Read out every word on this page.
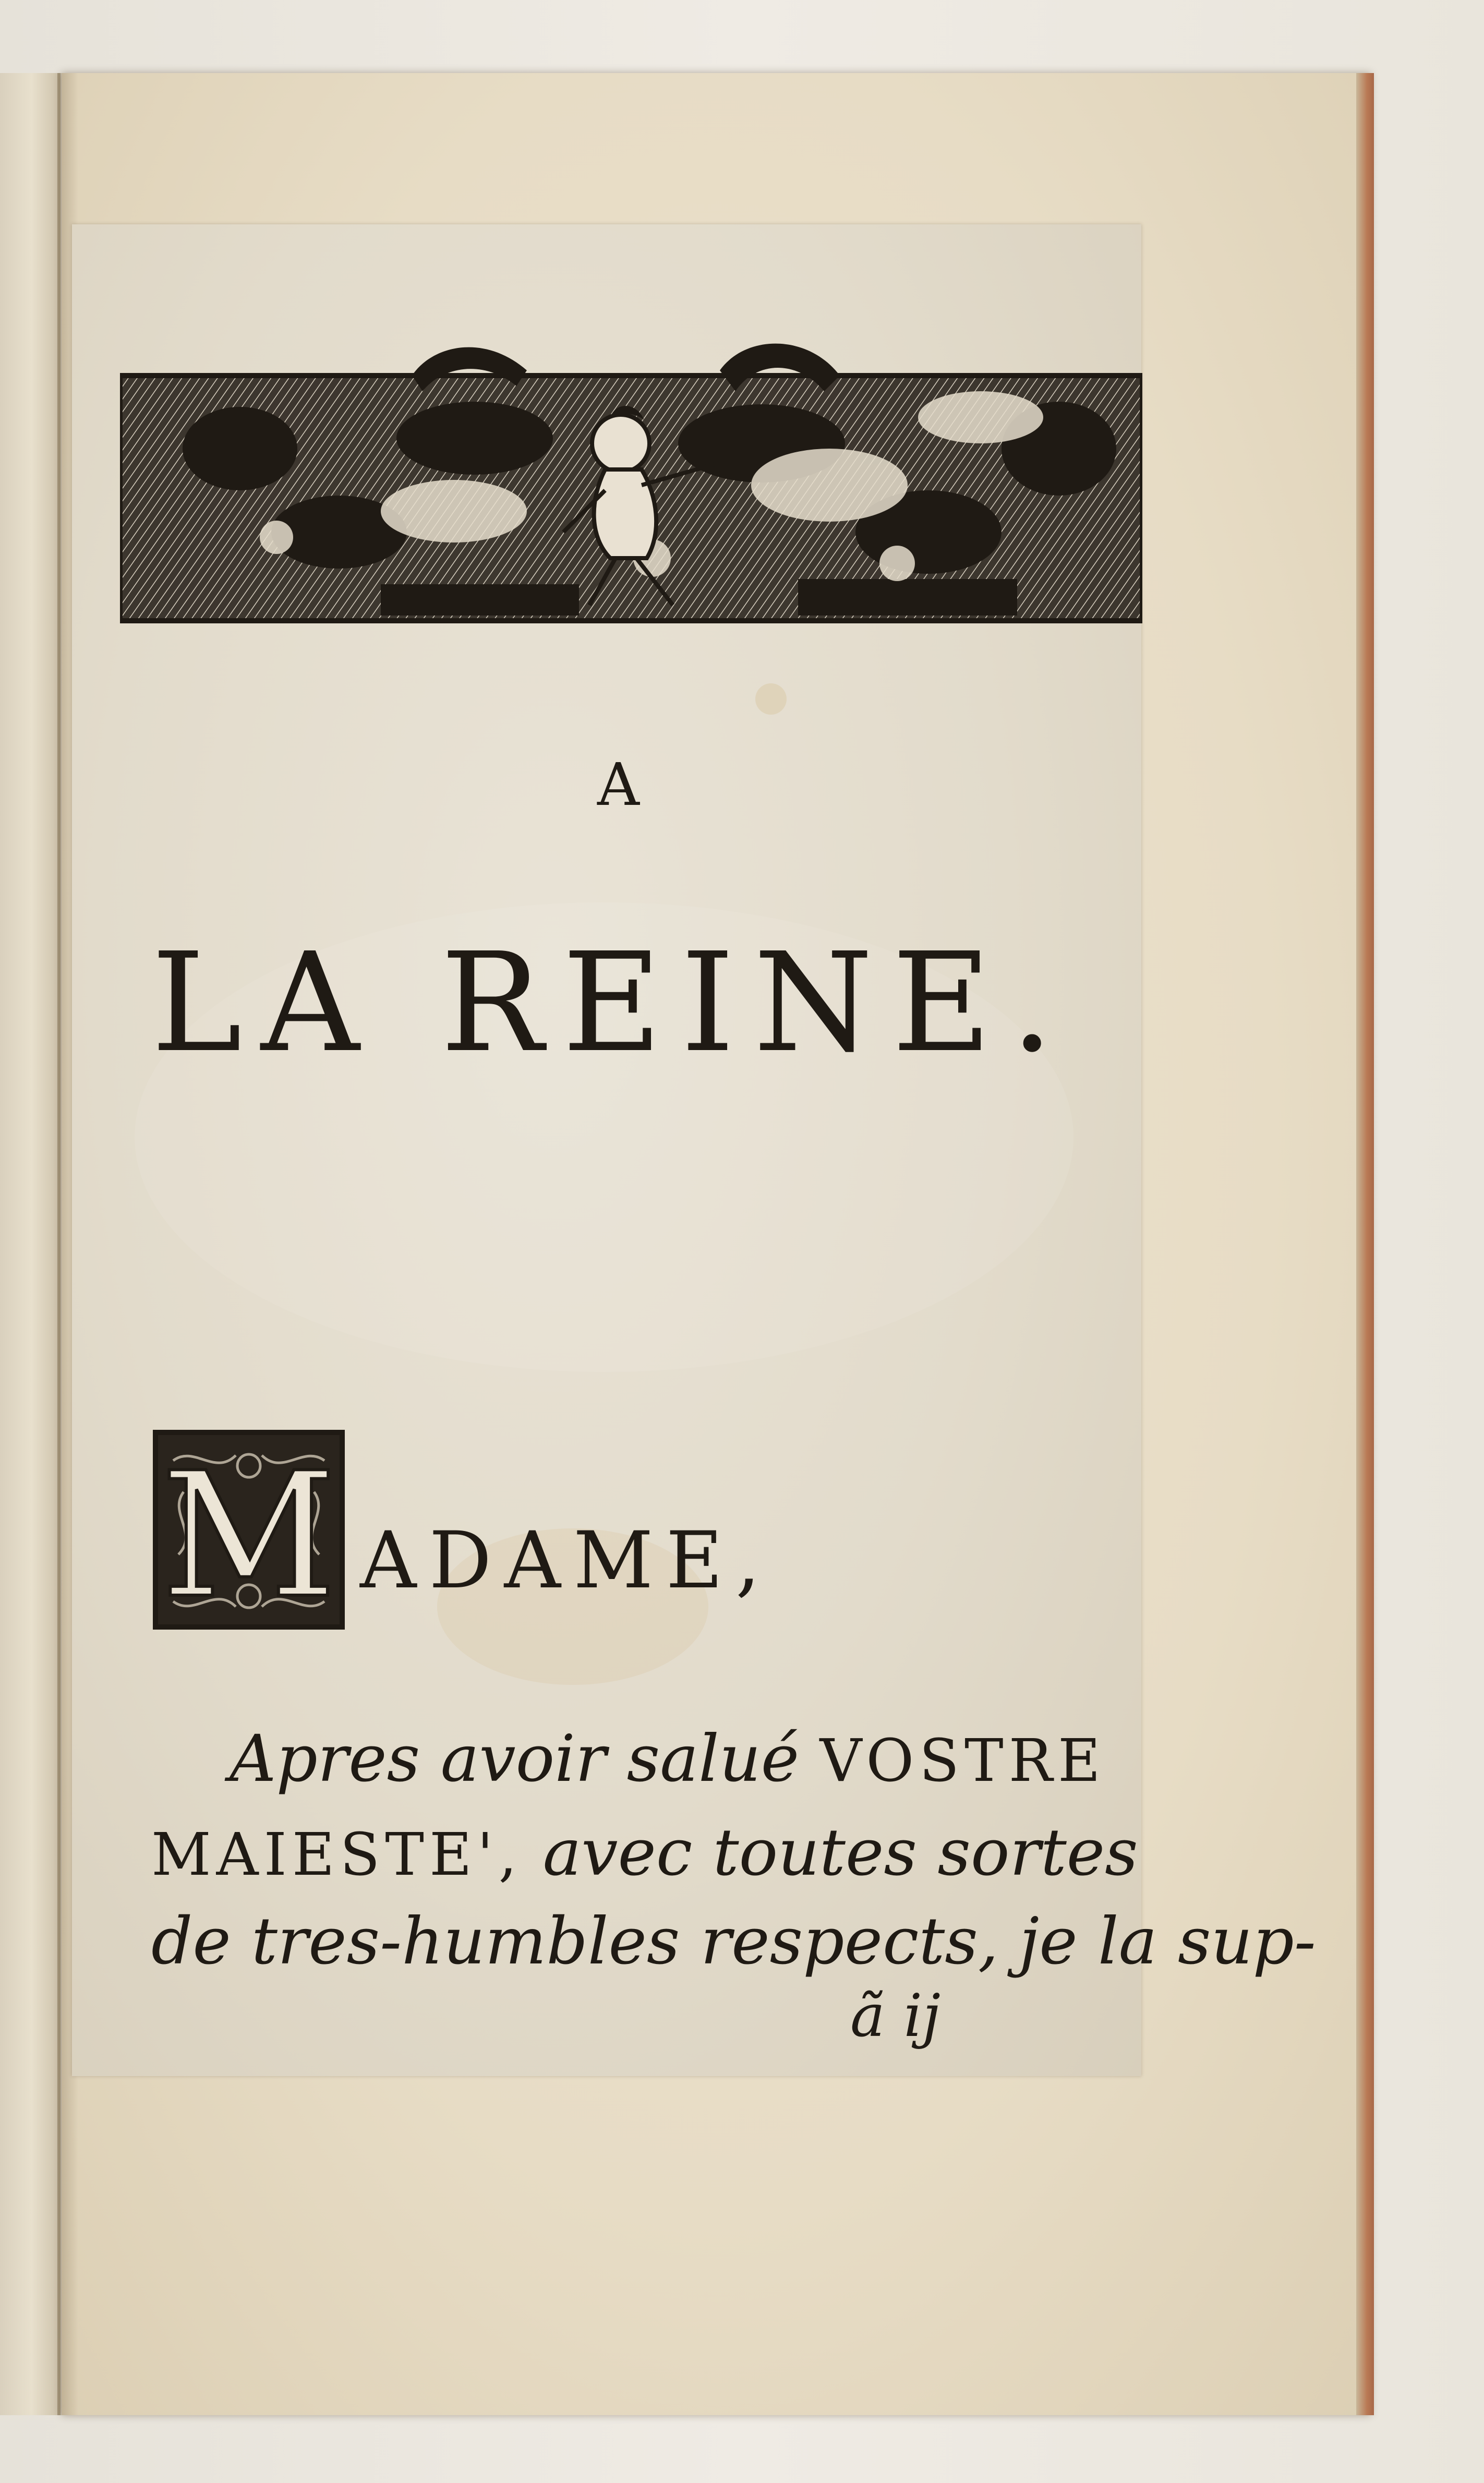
A

LA REINE.

M ADAME,

Apres avoir salué VOSTRE

MAIESTE', avec toutes sortes

de tres-humbles respects, je la sup-

ã ij
